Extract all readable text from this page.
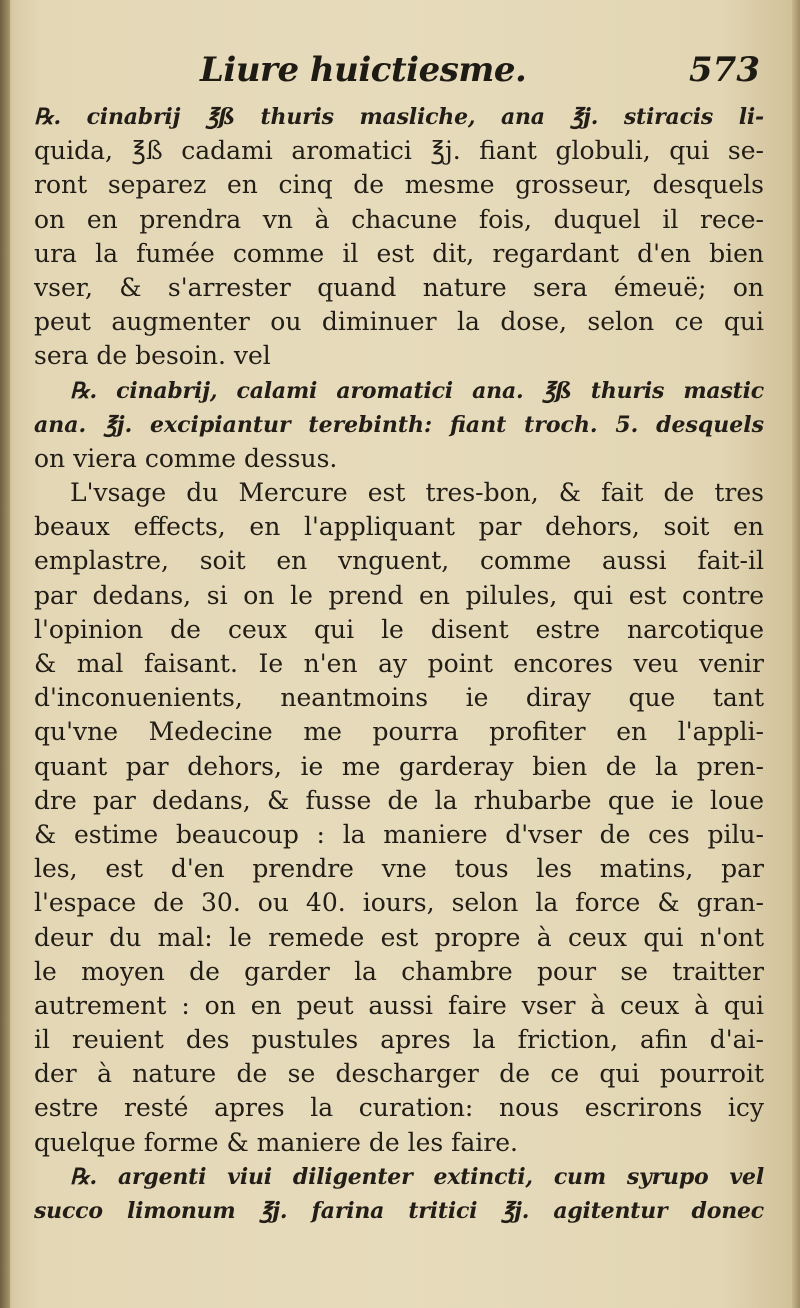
Liure huictiesme.	573
℞. cinabrij ℥ß thuris masliche, ana ℥j. stiracis li-
quida, ℥ß cadami aromatici ℥j. fiant globuli, qui se-
ront separez en cinq de mesme grosseur, desquels
on en prendra vn à chacune fois, duquel il rece-
ura la fumée comme il est dit, regardant d'en bien
vser, & s'arrester quand nature sera émeuë; on
peut augmenter ou diminuer la dose, selon ce qui
sera de besoin. vel
℞. cinabrij, calami aromatici ana. ℥ß thuris mastic
ana. ℥j. excipiantur terebinth: fiant troch. 5. desquels
on viera comme dessus.
L'vsage du Mercure est tres-bon, & fait de tres
beaux effects, en l'appliquant par dehors, soit en
emplastre, soit en vnguent, comme aussi fait-il
par dedans, si on le prend en pilules, qui est contre
l'opinion de ceux qui le disent estre narcotique
& mal faisant. Ie n'en ay point encores veu venir
d'inconuenients, neantmoins ie diray que tant
qu'vne Medecine me pourra profiter en l'appli-
quant par dehors, ie me garderay bien de la pren-
dre par dedans, & fusse de la rhubarbe que ie loue
& estime beaucoup : la maniere d'vser de ces pilu-
les, est d'en prendre vne tous les matins, par
l'espace de 30. ou 40. iours, selon la force & gran-
deur du mal: le remede est propre à ceux qui n'ont
le moyen de garder la chambre pour se traitter
autrement : on en peut aussi faire vser à ceux à qui
il reuient des pustules apres la friction, afin d'ai-
der à nature de se descharger de ce qui pourroit
estre resté apres la curation: nous escrirons icy
quelque forme & maniere de les faire.
℞. argenti viui diligenter extincti, cum syrupo vel
succo limonum ℥j. farina tritici ℥j. agitentur donec
